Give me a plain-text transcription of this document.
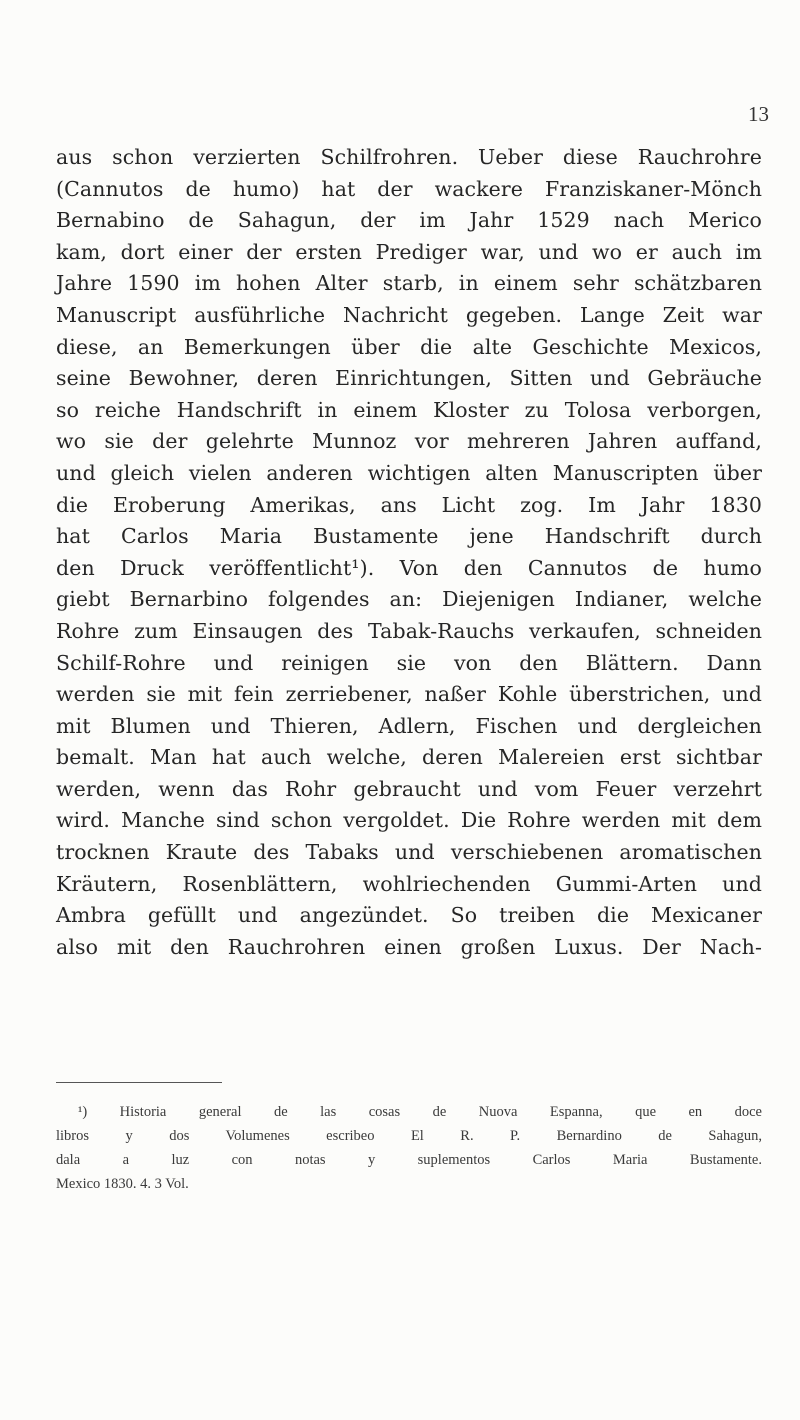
13
aus schon verzierten Schilfrohren. Ueber diese Rauchrohre
(Cannutos de humo) hat der wackere Franziskaner-Mönch
Bernabino de Sahagun, der im Jahr 1529 nach Merico
kam, dort einer der ersten Prediger war, und wo er auch im
Jahre 1590 im hohen Alter starb, in einem sehr schätzbaren
Manuscript ausführliche Nachricht gegeben. Lange Zeit war
diese, an Bemerkungen über die alte Geschichte Mexicos,
seine Bewohner, deren Einrichtungen, Sitten und Gebräuche
so reiche Handschrift in einem Kloster zu Tolosa verborgen,
wo sie der gelehrte Munnoz vor mehreren Jahren auffand,
und gleich vielen anderen wichtigen alten Manuscripten über
die Eroberung Amerikas, ans Licht zog. Im Jahr 1830
hat Carlos Maria Bustamente jene Handschrift durch
den Druck veröffentlicht¹). Von den Cannutos de humo
giebt Bernarbino folgendes an: Diejenigen Indianer, welche
Rohre zum Einsaugen des Tabak-Rauchs verkaufen, schneiden
Schilf-Rohre und reinigen sie von den Blättern. Dann
werden sie mit fein zerriebener, naßer Kohle überstrichen, und
mit Blumen und Thieren, Adlern, Fischen und dergleichen
bemalt. Man hat auch welche, deren Malereien erst sichtbar
werden, wenn das Rohr gebraucht und vom Feuer verzehrt
wird. Manche sind schon vergoldet. Die Rohre werden mit dem
trocknen Kraute des Tabaks und verschiebenen aromatischen
Kräutern, Rosenblättern, wohlriechenden Gummi-Arten und
Ambra gefüllt und angezündet. So treiben die Mexicaner
also mit den Rauchrohren einen großen Luxus. Der Nach-
¹) Historia general de las cosas de Nuova Espanna, que en doce
libros y dos Volumenes escribeo El R. P. Bernardino de Sahagun,
dala a luz con notas y suplementos Carlos Maria Bustamente.
Mexico 1830. 4. 3 Vol.
